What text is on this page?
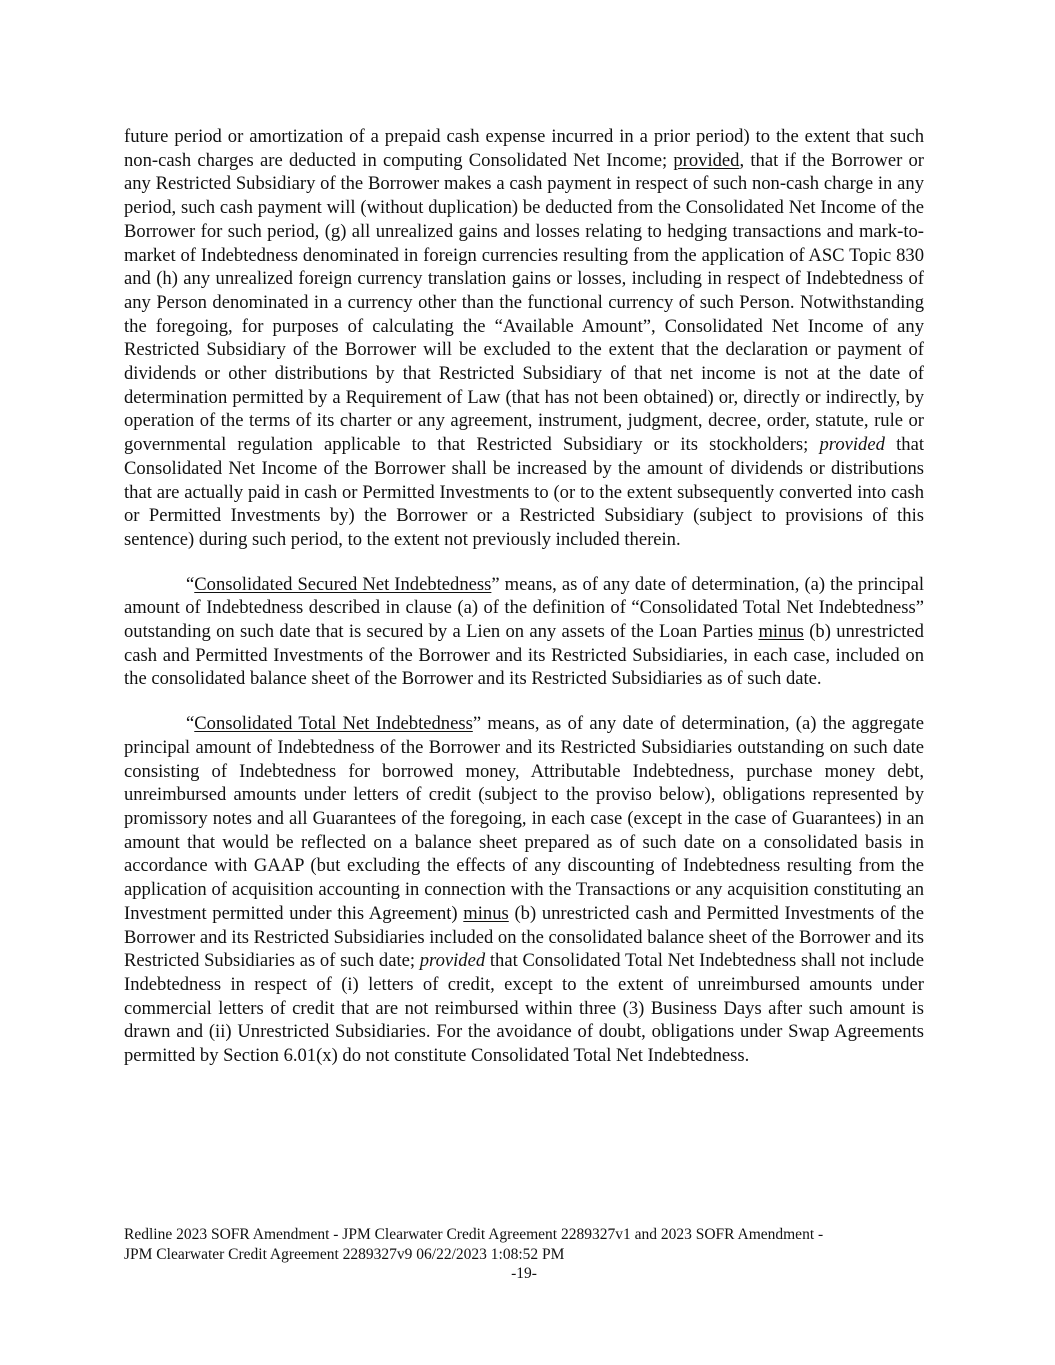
future period or amortization of a prepaid cash expense incurred in a prior period) to the extent that such non-cash charges are deducted in computing Consolidated Net Income; provided, that if the Borrower or any Restricted Subsidiary of the Borrower makes a cash payment in respect of such non-cash charge in any period, such cash payment will (without duplication) be deducted from the Consolidated Net Income of the Borrower for such period, (g) all unrealized gains and losses relating to hedging transactions and mark-to-market of Indebtedness denominated in foreign currencies resulting from the application of ASC Topic 830 and (h) any unrealized foreign currency translation gains or losses, including in respect of Indebtedness of any Person denominated in a currency other than the functional currency of such Person. Notwithstanding the foregoing, for purposes of calculating the “Available Amount”, Consolidated Net Income of any Restricted Subsidiary of the Borrower will be excluded to the extent that the declaration or payment of dividends or other distributions by that Restricted Subsidiary of that net income is not at the date of determination permitted by a Requirement of Law (that has not been obtained) or, directly or indirectly, by operation of the terms of its charter or any agreement, instrument, judgment, decree, order, statute, rule or governmental regulation applicable to that Restricted Subsidiary or its stockholders; provided that Consolidated Net Income of the Borrower shall be increased by the amount of dividends or distributions that are actually paid in cash or Permitted Investments to (or to the extent subsequently converted into cash or Permitted Investments by) the Borrower or a Restricted Subsidiary (subject to provisions of this sentence) during such period, to the extent not previously included therein.

“Consolidated Secured Net Indebtedness” means, as of any date of determination, (a) the principal amount of Indebtedness described in clause (a) of the definition of “Consolidated Total Net Indebtedness” outstanding on such date that is secured by a Lien on any assets of the Loan Parties minus (b) unrestricted cash and Permitted Investments of the Borrower and its Restricted Subsidiaries, in each case, included on the consolidated balance sheet of the Borrower and its Restricted Subsidiaries as of such date.

“Consolidated Total Net Indebtedness” means, as of any date of determination, (a) the aggregate principal amount of Indebtedness of the Borrower and its Restricted Subsidiaries outstanding on such date consisting of Indebtedness for borrowed money, Attributable Indebtedness, purchase money debt, unreimbursed amounts under letters of credit (subject to the proviso below), obligations represented by promissory notes and all Guarantees of the foregoing, in each case (except in the case of Guarantees) in an amount that would be reflected on a balance sheet prepared as of such date on a consolidated basis in accordance with GAAP (but excluding the effects of any discounting of Indebtedness resulting from the application of acquisition accounting in connection with the Transactions or any acquisition constituting an Investment permitted under this Agreement) minus (b) unrestricted cash and Permitted Investments of the Borrower and its Restricted Subsidiaries included on the consolidated balance sheet of the Borrower and its Restricted Subsidiaries as of such date; provided that Consolidated Total Net Indebtedness shall not include Indebtedness in respect of (i) letters of credit, except to the extent of unreimbursed amounts under commercial letters of credit that are not reimbursed within three (3) Business Days after such amount is drawn and (ii) Unrestricted Subsidiaries. For the avoidance of doubt, obligations under Swap Agreements permitted by Section 6.01(x) do not constitute Consolidated Total Net Indebtedness.

Redline 2023 SOFR Amendment - JPM Clearwater Credit Agreement 2289327v1 and 2023 SOFR Amendment -
JPM Clearwater Credit Agreement 2289327v9 06/22/2023 1:08:52 PM
-19-
